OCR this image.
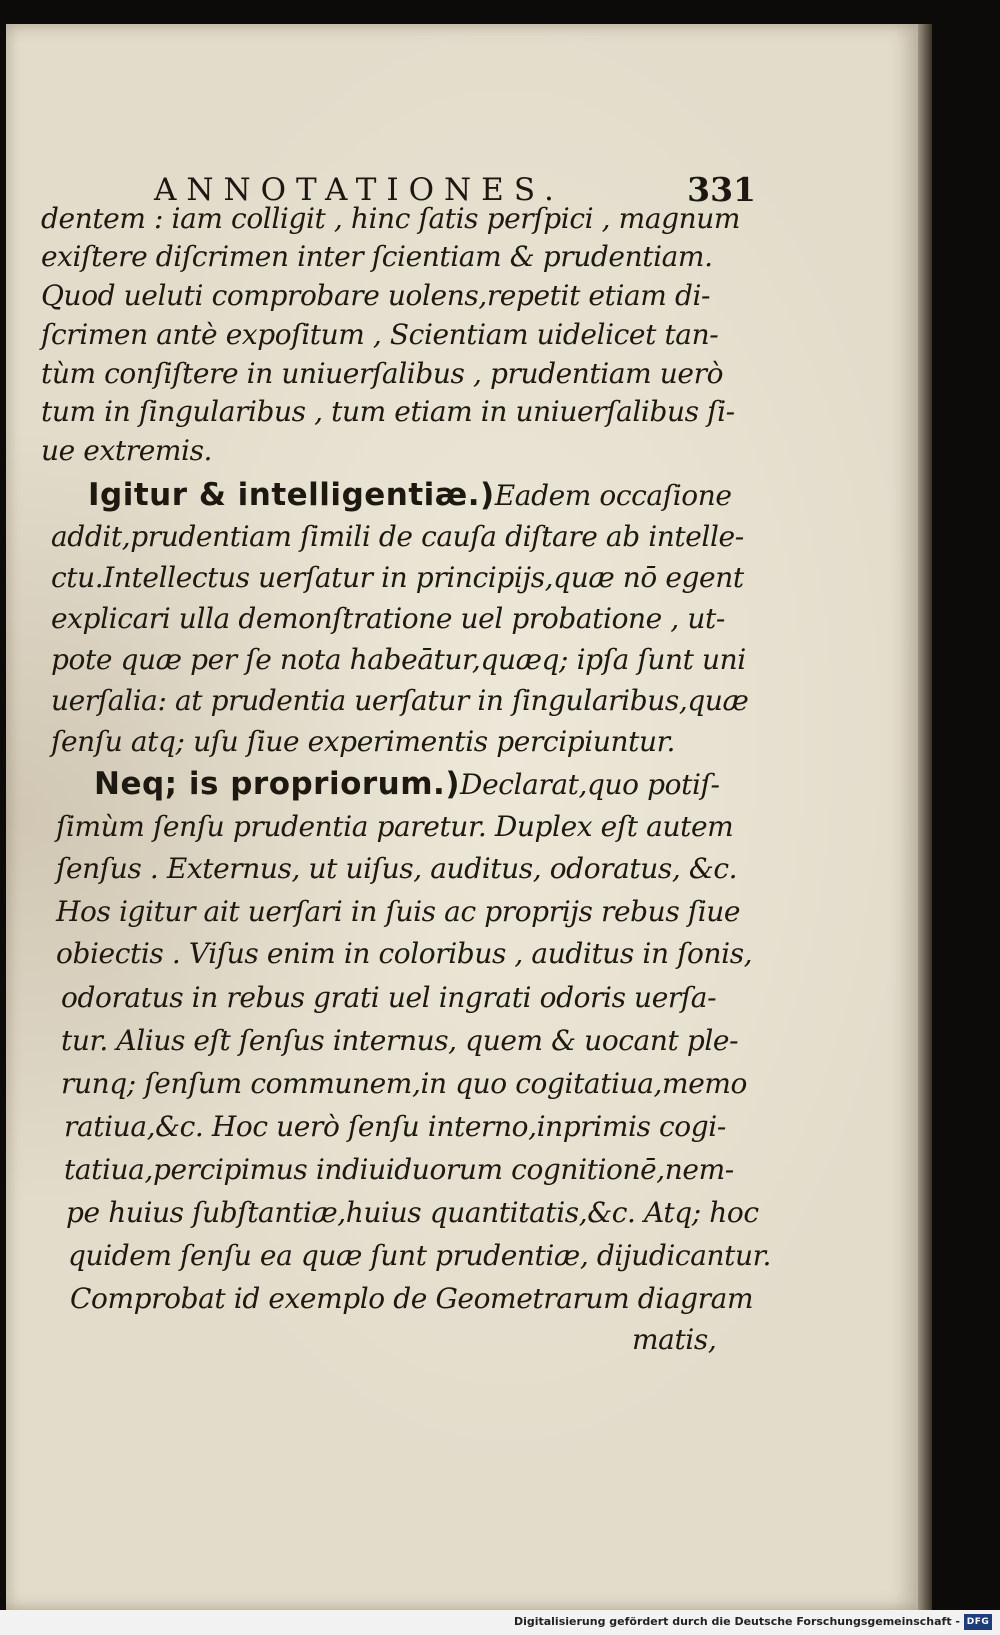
ANNOTATIONES.	331
dentem : iam colligit , hinc ſatis perſpici , magnum
exiſtere diſcrimen inter ſcientiam & prudentiam.
Quod ueluti comprobare uolens,repetit etiam di-
ſcrimen antè expoſitum , Scientiam uidelicet tan-
tùm conſiſtere in uniuerſalibus , prudentiam uerò
tum in ſingularibus , tum etiam in uniuerſalibus ſi-
ue extremis.
Igitur & intelligentiæ.)Eadem occaſione
addit,prudentiam ſimili de cauſa diſtare ab intelle-
ctu.Intellectus uerſatur in principijs,quæ nō egent
explicari ulla demonſtratione uel probatione , ut-
pote quæ per ſe nota habeātur,quæq; ipſa ſunt uni
uerſalia: at prudentia uerſatur in ſingularibus,quæ
ſenſu atq; uſu ſiue experimentis percipiuntur.
Neq; is propriorum.)Declarat,quo potiſ-
ſimùm ſenſu prudentia paretur. Duplex eſt autem
ſenſus . Externus, ut uiſus, auditus, odoratus, &c.
Hos igitur ait uerſari in ſuis ac proprijs rebus ſiue
obiectis . Viſus enim in coloribus , auditus in ſonis,
odoratus in rebus grati uel ingrati odoris uerſa-
tur. Alius eſt ſenſus internus, quem & uocant ple-
runq; ſenſum communem,in quo cogitatiua,memo
ratiua,&c. Hoc uerò ſenſu interno,inprimis cogi-
tatiua,percipimus indiuiduorum cognitionē,nem-
pe huius ſubſtantiæ,huius quantitatis,&c. Atq; hoc
quidem ſenſu ea quæ ſunt prudentiæ, dijudicantur.
Comprobat id exemplo de Geometrarum diagram
matis,
Digitalisierung gefördert durch die Deutsche Forschungsgemeinschaft - DFG
